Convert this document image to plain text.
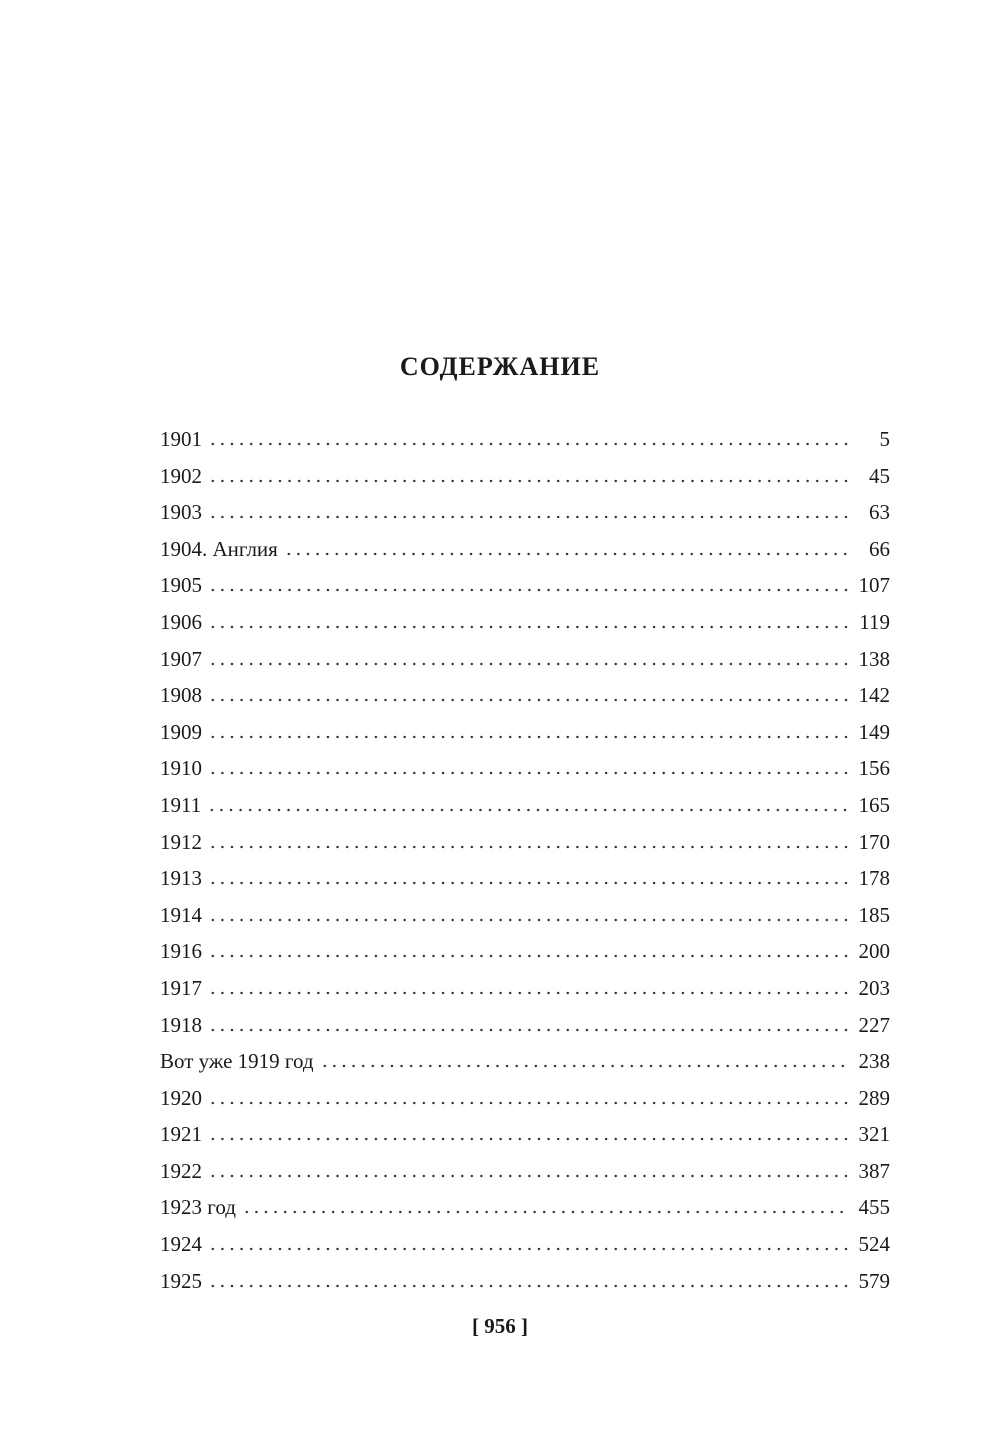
СОДЕРЖАНИЕ
1901	5
1902	45
1903	63
1904. Англия	66
1905	107
1906	119
1907	138
1908	142
1909	149
1910	156
1911	165
1912	170
1913	178
1914	185
1916	200
1917	203
1918	227
Вот уже 1919 год	238
1920	289
1921	321
1922	387
1923 год	455
1924	524
1925	579
[ 956 ]
